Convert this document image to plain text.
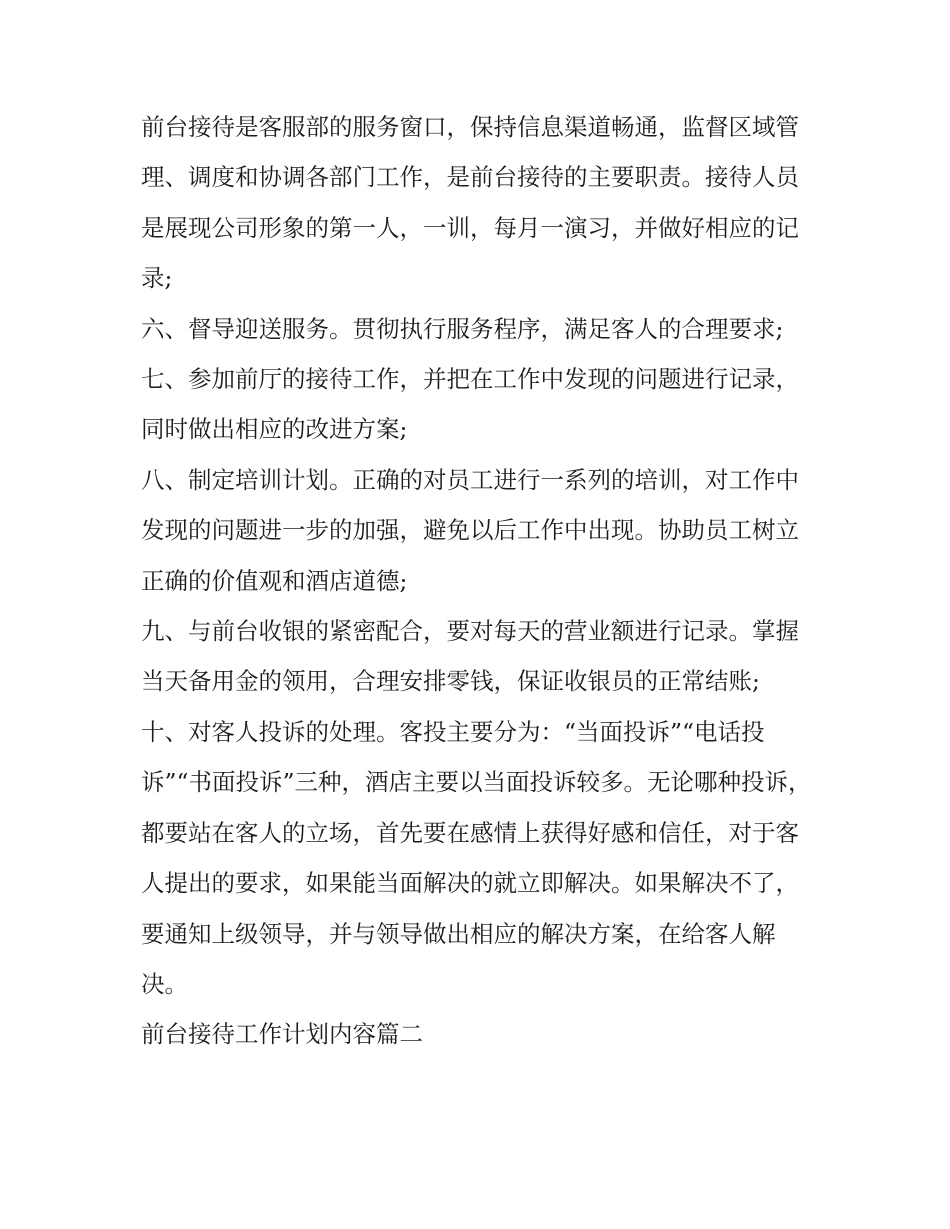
前台接待是客服部的服务窗口，保持信息渠道畅通，监督区域管理、调度和协调各部门工作，是前台接待的主要职责。接待人员是展现公司形象的第一人，一训，每月一演习，并做好相应的记录;

六、督导迎送服务。贯彻执行服务程序，满足客人的合理要求; 七、参加前厅的接待工作，并把在工作中发现的问题进行记录，同时做出相应的改进方案;

八、制定培训计划。正确的对员工进行一系列的培训，对工作中发现的问题进一步的加强，避免以后工作中出现。协助员工树立正确的价值观和酒店道德;

九、与前台收银的紧密配合，要对每天的营业额进行记录。掌握当天备用金的领用，合理安排零钱，保证收银员的正常结账;

十、对客人投诉的处理。客投主要分为：“当面投诉”“电话投诉”“书面投诉”三种，酒店主要以当面投诉较多。无论哪种投诉，都要站在客人的立场，首先要在感情上获得好感和信任，对于客人提出的要求，如果能当面解决的就立即解决。如果解决不了，要通知上级领导，并与领导做出相应的解决方案，在给客人解决。

前台接待工作计划内容篇二
